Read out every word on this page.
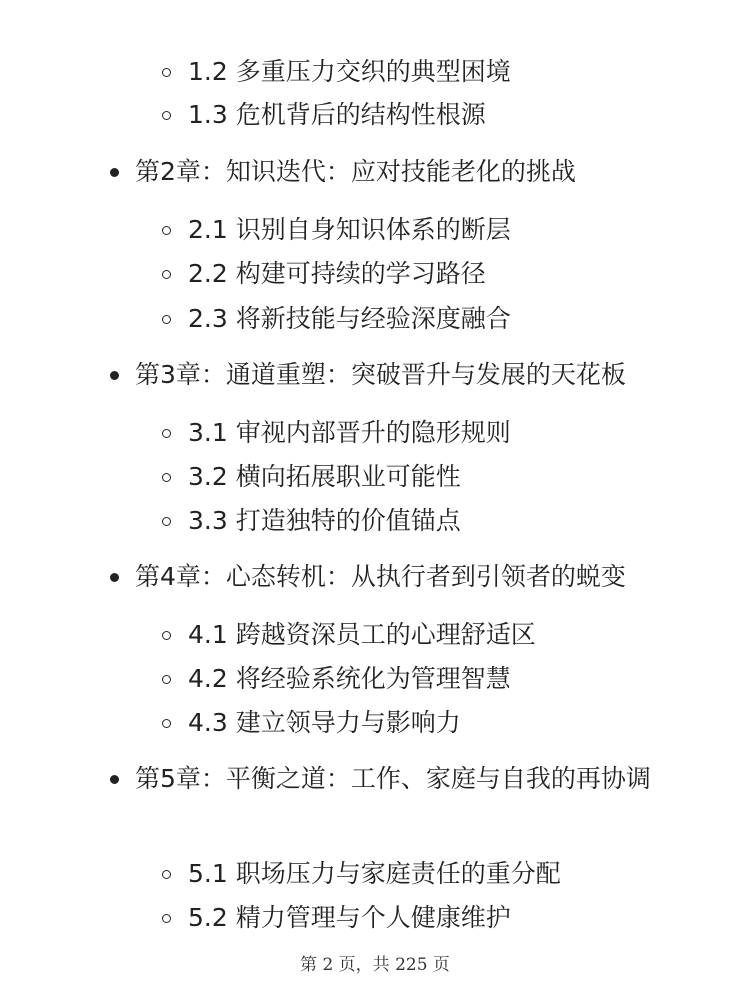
1.2 多重压力交织的典型困境
1.3 危机背后的结构性根源
第2章：知识迭代：应对技能老化的挑战
2.1 识别自身知识体系的断层
2.2 构建可持续的学习路径
2.3 将新技能与经验深度融合
第3章：通道重塑：突破晋升与发展的天花板
3.1 审视内部晋升的隐形规则
3.2 横向拓展职业可能性
3.3 打造独特的价值锚点
第4章：心态转机：从执行者到引领者的蜕变
4.1 跨越资深员工的心理舒适区
4.2 将经验系统化为管理智慧
4.3 建立领导力与影响力
第5章：平衡之道：工作、家庭与自我的再协调
5.1 职场压力与家庭责任的重分配
5.2 精力管理与个人健康维护
第 2 页，共 225 页
